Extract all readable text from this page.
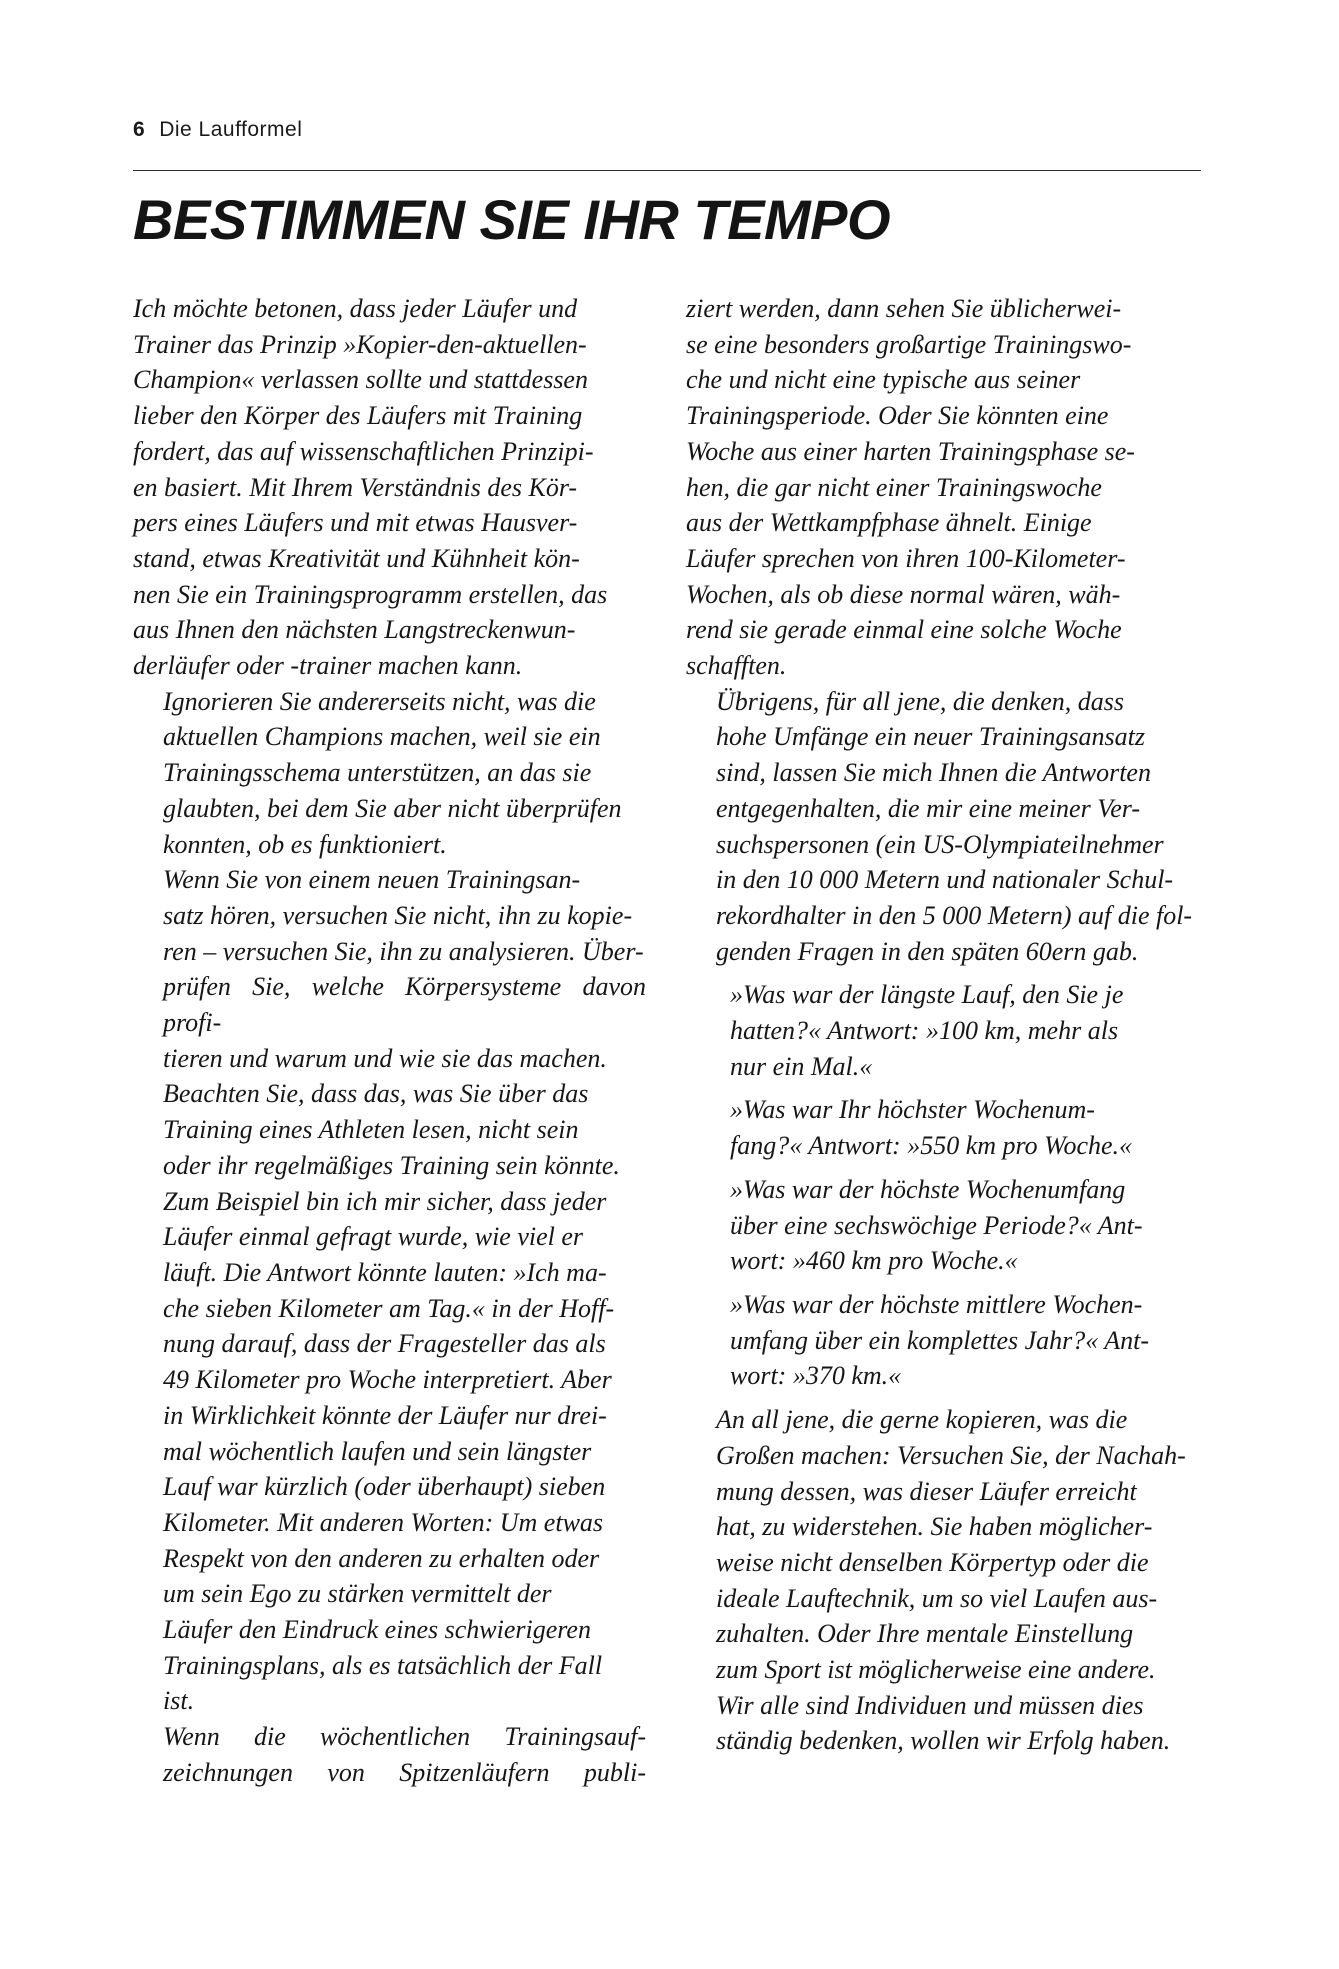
6 Die Laufformel
BESTIMMEN SIE IHR TEMPO

Ich möchte betonen, dass jeder Läufer und
Trainer das Prinzip »Kopier-den-aktuellen-
Champion« verlassen sollte und stattdessen
lieber den Körper des Läufers mit Training
fordert, das auf wissenschaftlichen Prinzipi-
en basiert. Mit Ihrem Verständnis des Kör-
pers eines Läufers und mit etwas Hausver-
stand, etwas Kreativität und Kühnheit kön-
nen Sie ein Trainingsprogramm erstellen, das
aus Ihnen den nächsten Langstreckenwun-
derläufer oder -trainer machen kann.

Ignorieren Sie andererseits nicht, was die
aktuellen Champions machen, weil sie ein
Trainingsschema unterstützen, an das sie
glaubten, bei dem Sie aber nicht überprüfen
konnten, ob es funktioniert.

Wenn Sie von einem neuen Trainingsan-
satz hören, versuchen Sie nicht, ihn zu kopie-
ren – versuchen Sie, ihn zu analysieren. Über-
prüfen Sie, welche Körpersysteme davon profi-
tieren und warum und wie sie das machen.

Beachten Sie, dass das, was Sie über das
Training eines Athleten lesen, nicht sein
oder ihr regelmäßiges Training sein könnte.
Zum Beispiel bin ich mir sicher, dass jeder
Läufer einmal gefragt wurde, wie viel er
läuft. Die Antwort könnte lauten: »Ich ma-
che sieben Kilometer am Tag.« in der Hoff-
nung darauf, dass der Fragesteller das als
49 Kilometer pro Woche interpretiert. Aber
in Wirklichkeit könnte der Läufer nur drei-
mal wöchentlich laufen und sein längster
Lauf war kürzlich (oder überhaupt) sieben
Kilometer. Mit anderen Worten: Um etwas
Respekt von den anderen zu erhalten oder
um sein Ego zu stärken vermittelt der
Läufer den Eindruck eines schwierigeren
Trainingsplans, als es tatsächlich der Fall
ist.

Wenn die wöchentlichen Trainingsauf-
zeichnungen von Spitzenläufern publi-

ziert werden, dann sehen Sie üblicherwei-
se eine besonders großartige Trainingswo-
che und nicht eine typische aus seiner
Trainingsperiode. Oder Sie könnten eine
Woche aus einer harten Trainingsphase se-
hen, die gar nicht einer Trainingswoche
aus der Wettkampfphase ähnelt. Einige
Läufer sprechen von ihren 100-Kilometer-
Wochen, als ob diese normal wären, wäh-
rend sie gerade einmal eine solche Woche
schafften.

Übrigens, für all jene, die denken, dass
hohe Umfänge ein neuer Trainingsansatz
sind, lassen Sie mich Ihnen die Antworten
entgegenhalten, die mir eine meiner Ver-
suchspersonen (ein US-Olympiateilnehmer
in den 10 000 Metern und nationaler Schul-
rekordhalter in den 5 000 Metern) auf die fol-
genden Fragen in den späten 60ern gab.

»Was war der längste Lauf, den Sie je
hatten?« Antwort: »100 km, mehr als
nur ein Mal.«

»Was war Ihr höchster Wochenum-
fang?« Antwort: »550 km pro Woche.«

»Was war der höchste Wochenumfang
über eine sechswöchige Periode?« Ant-
wort: »460 km pro Woche.«

»Was war der höchste mittlere Wochen-
umfang über ein komplettes Jahr?« Ant-
wort: »370 km.«

An all jene, die gerne kopieren, was die
Großen machen: Versuchen Sie, der Nachah-
mung dessen, was dieser Läufer erreicht
hat, zu widerstehen. Sie haben möglicher-
weise nicht denselben Körpertyp oder die
ideale Lauftechnik, um so viel Laufen aus-
zuhalten. Oder Ihre mentale Einstellung
zum Sport ist möglicherweise eine andere.
Wir alle sind Individuen und müssen dies
ständig bedenken, wollen wir Erfolg haben.
